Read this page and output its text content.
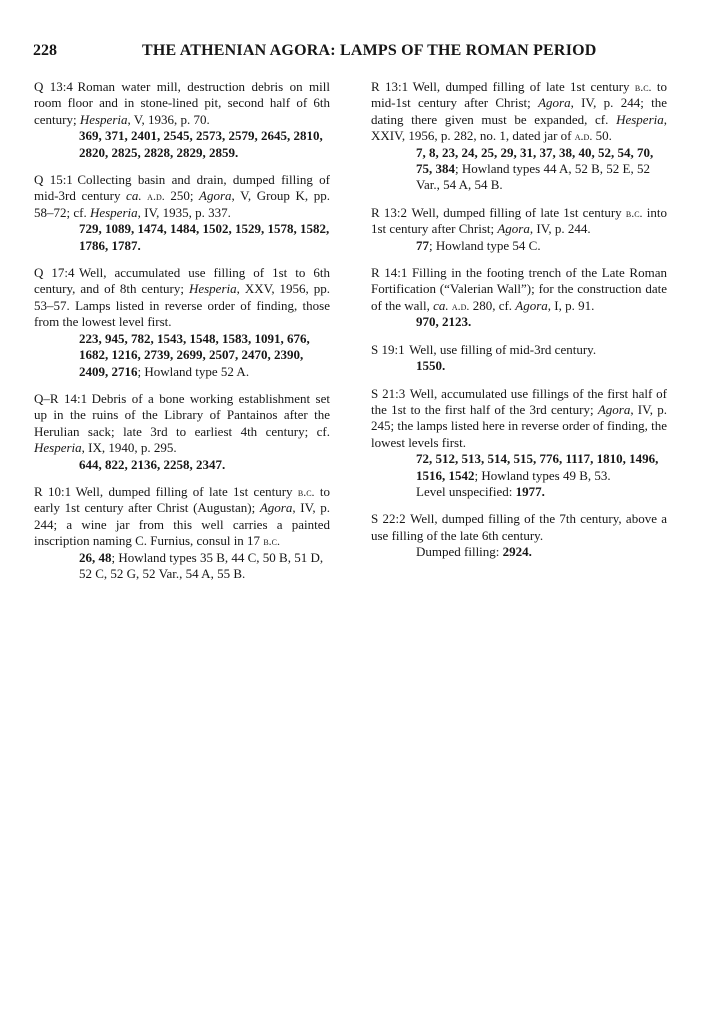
228	THE ATHENIAN AGORA: LAMPS OF THE ROMAN PERIOD

Q 13:4 Roman water mill, destruction debris on mill room floor and in stone-lined pit, second half of 6th century; Hesperia, V, 1936, p. 70.

369, 371, 2401, 2545, 2573, 2579, 2645, 2810, 2820, 2825, 2828, 2829, 2859.

Q 15:1 Collecting basin and drain, dumped filling of mid-3rd century ca. a.d. 250; Agora, V, Group K, pp. 58–72; cf. Hesperia, IV, 1935, p. 337.

729, 1089, 1474, 1484, 1502, 1529, 1578, 1582, 1786, 1787.

Q 17:4 Well, accumulated use filling of 1st to 6th century, and of 8th century; Hesperia, XXV, 1956, pp. 53–57. Lamps listed in reverse order of finding, those from the lowest level first.

223, 945, 782, 1543, 1548, 1583, 1091, 676, 1682, 1216, 2739, 2699, 2507, 2470, 2390, 2409, 2716; Howland type 52 A.

Q–R 14:1 Debris of a bone working establishment set up in the ruins of the Library of Pantainos after the Herulian sack; late 3rd to earliest 4th century; cf. Hesperia, IX, 1940, p. 295.

644, 822, 2136, 2258, 2347.

R 10:1 Well, dumped filling of late 1st century b.c. to early 1st century after Christ (Augustan); Agora, IV, p. 244; a wine jar from this well carries a painted inscription naming C. Furnius, consul in 17 b.c.

26, 48; Howland types 35 B, 44 C, 50 B, 51 D, 52 C, 52 G, 52 Var., 54 A, 55 B.

R 13:1 Well, dumped filling of late 1st century b.c. to mid-1st century after Christ; Agora, IV, p. 244; the dating there given must be expanded, cf. Hesperia, XXIV, 1956, p. 282, no. 1, dated jar of a.d. 50.

7, 8, 23, 24, 25, 29, 31, 37, 38, 40, 52, 54, 70, 75, 384; Howland types 44 A, 52 B, 52 E, 52 Var., 54 A, 54 B.

R 13:2 Well, dumped filling of late 1st century b.c. into 1st century after Christ; Agora, IV, p. 244.

77; Howland type 54 C.

R 14:1 Filling in the footing trench of the Late Roman Fortification (“Valerian Wall”); for the construction date of the wall, ca. a.d. 280, cf. Agora, I, p. 91.

970, 2123.

S 19:1 Well, use filling of mid-3rd century.

1550.

S 21:3 Well, accumulated use fillings of the first half of the 1st to the first half of the 3rd century; Agora, IV, p. 245; the lamps listed here in reverse order of finding, the lowest levels first.

72, 512, 513, 514, 515, 776, 1117, 1810, 1496, 1516, 1542; Howland types 49 B, 53.

Level unspecified: 1977.

S 22:2 Well, dumped filling of the 7th century, above a use filling of the late 6th century.

Dumped filling: 2924.
